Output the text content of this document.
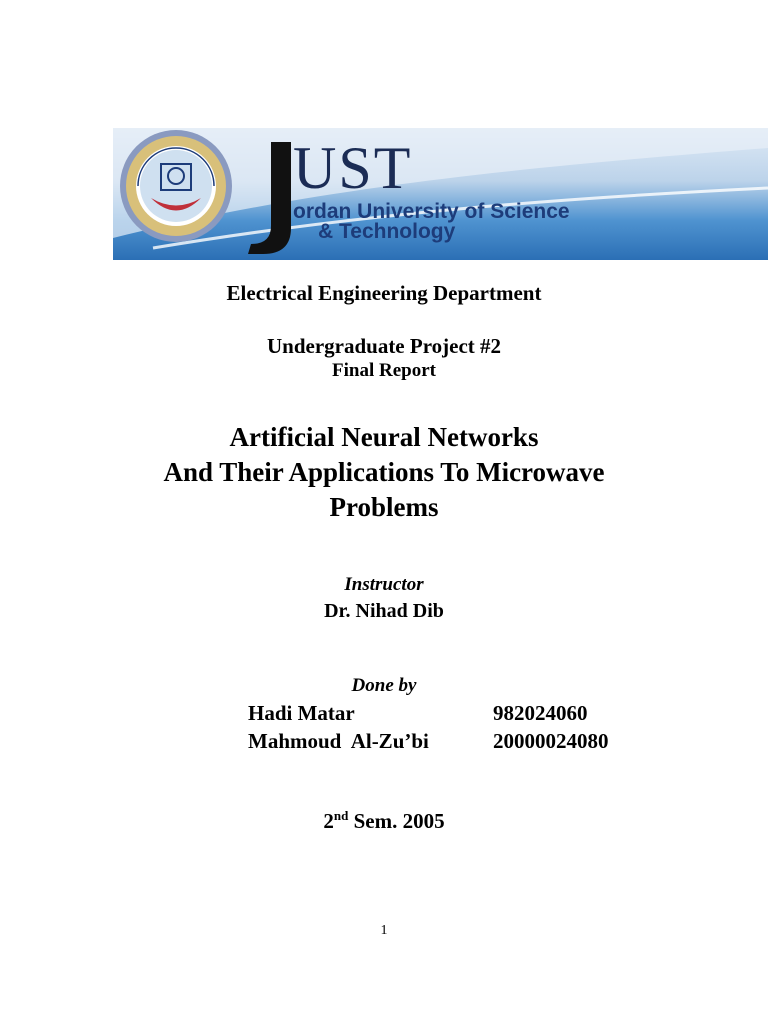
UST
ordan University of Science
& Technology
Electrical Engineering Department
Undergraduate Project #2
Final Report
Artificial Neural Networks
And Their Applications To Microwave
Problems
Instructor
Dr. Nihad Dib
Done by
Hadi Matar	982024060
Mahmoud  Al-Zu’bi	20000024080
2nd Sem. 2005
1
